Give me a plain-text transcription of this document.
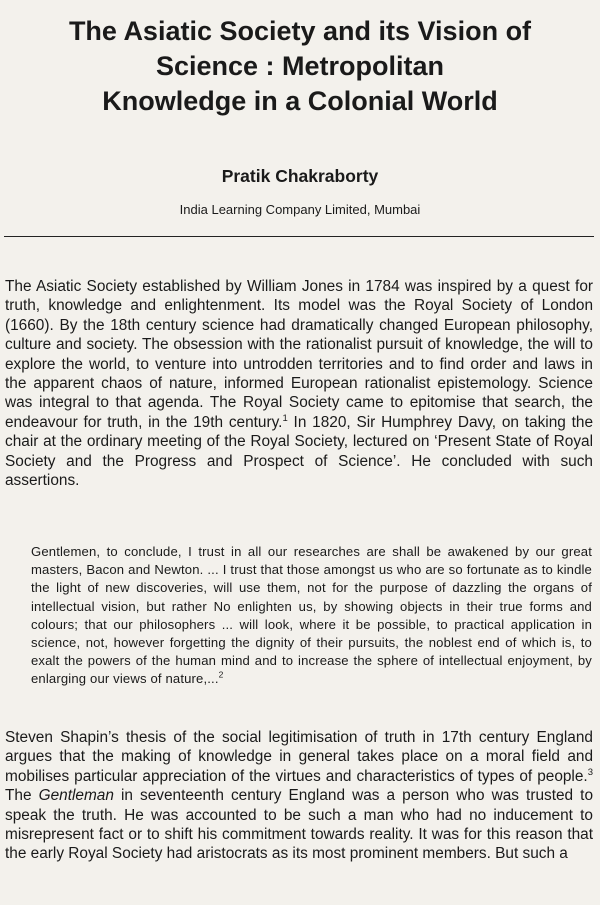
The Asiatic Society and its Vision of
Science : Metropolitan
Knowledge in a Colonial World
Pratik Chakraborty
India Learning Company Limited, Mumbai

The Asiatic Society established by William Jones in 1784 was inspired by a quest for truth, knowledge and enlightenment. Its model was the Royal Society of London (1660). By the 18th century science had dramatically changed European philosophy, culture and society. The obsession with the rationalist pursuit of knowledge, the will to explore the world, to venture into untrodden territories and to find order and laws in the apparent chaos of nature, informed European rationalist epistemology. Science was integral to that agenda. The Royal Society came to epitomise that search, the endeavour for truth, in the 19th century.$^1$ In 1820, Sir Humphrey Davy, on taking the chair at the ordinary meeting of the Royal Society, lectured on ‘Present State of Royal Society and the Progress and Prospect of Science’. He concluded with such assertions.

Gentlemen, to conclude, I trust in all our researches are shall be awakened by our great masters, Bacon and Newton. ... I trust that those amongst us who are so fortunate as to kindle the light of new discoveries, will use them, not for the purpose of dazzling the organs of intellectual vision, but rather No enlighten us, by showing objects in their true forms and colours; that our philosophers ... will look, where it be possible, to practical application in science, not, however forgetting the dignity of their pursuits, the noblest end of which is, to exalt the powers of the human mind and to increase the sphere of intellectual enjoyment, by enlarging our views of nature,...$^2$

Steven Shapin’s thesis of the social legitimisation of truth in 17th century England argues that the making of knowledge in general takes place on a moral field and mobilises particular appreciation of the virtues and characteristics of types of people.$^3$ The Gentleman in seventeenth century England was a person who was trusted to speak the truth. He was accounted to be such a man who had no inducement to misrepresent fact or to shift his commitment towards reality. It was for this reason that the early Royal Society had aristocrats as its most prominent members. But such a
